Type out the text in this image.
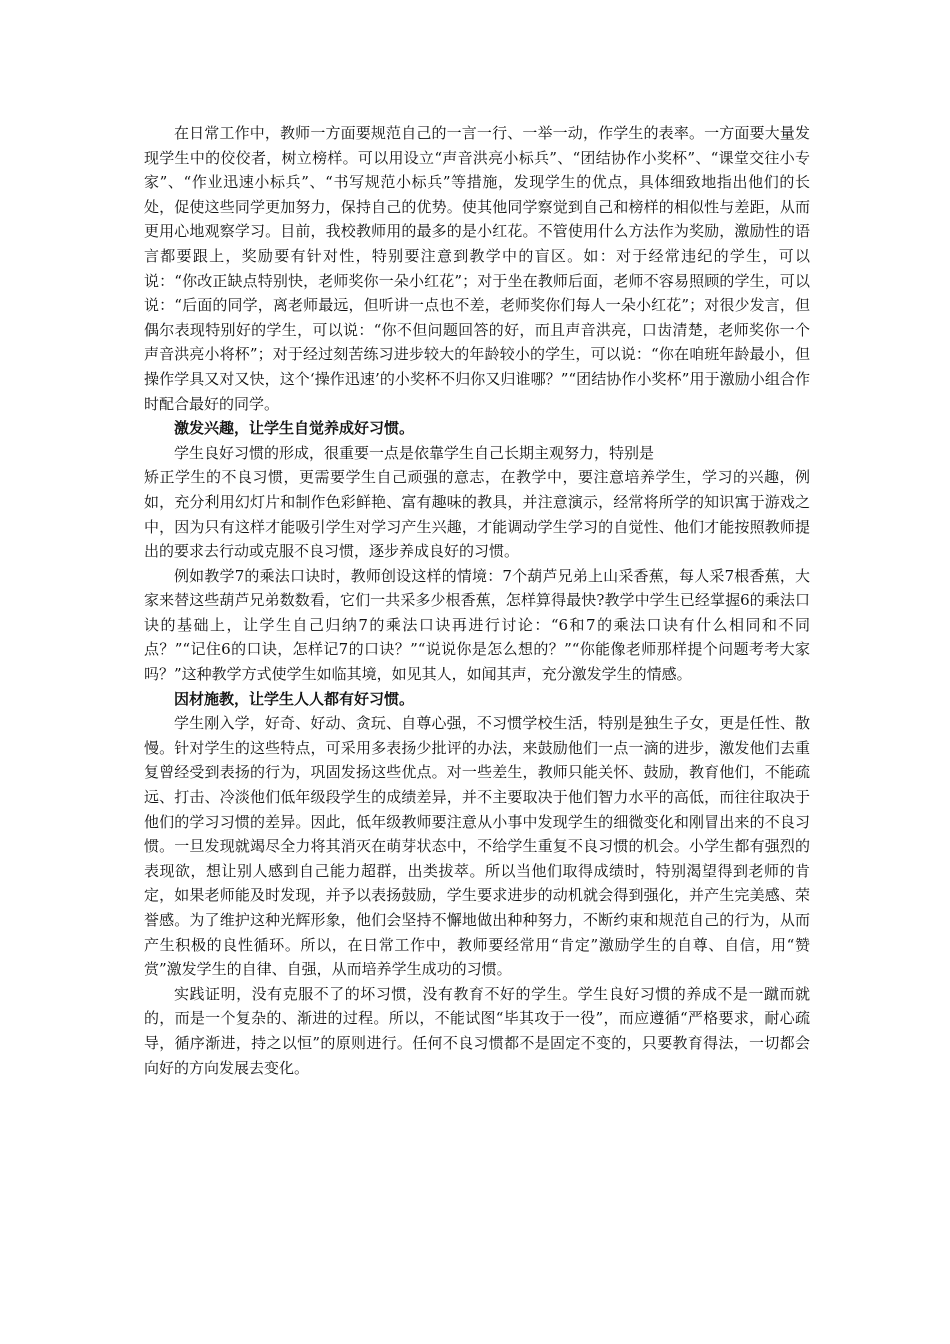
在日常工作中，教师一方面要规范自己的一言一行、一举一动，作学生的表率。一方面要大量发现学生中的佼佼者，树立榜样。可以用设立“声音洪亮小标兵”、“团结协作小奖杯”、“课堂交往小专家”、“作业迅速小标兵”、“书写规范小标兵”等措施，发现学生的优点，具体细致地指出他们的长处，促使这些同学更加努力，保持自己的优势。使其他同学察觉到自己和榜样的相似性与差距，从而更用心地观察学习。目前，我校教师用的最多的是小红花。不管使用什么方法作为奖励，激励性的语言都要跟上，奖励要有针对性，特别要注意到教学中的盲区。如：对于经常违纪的学生，可以说：“你改正缺点特别快，老师奖你一朵小红花”；对于坐在教师后面，老师不容易照顾的学生，可以说：“后面的同学，离老师最远，但听讲一点也不差，老师奖你们每人一朵小红花”；对很少发言，但偶尔表现特别好的学生，可以说：“你不但问题回答的好，而且声音洪亮，口齿清楚，老师奖你一个声音洪亮小将杯”；对于经过刻苦练习进步较大的年龄较小的学生，可以说：“你在咱班年龄最小，但操作学具又对又快，这个‘操作迅速’的小奖杯不归你又归谁哪？”“团结协作小奖杯”用于激励小组合作时配合最好的同学。

激发兴趣，让学生自觉养成好习惯。

学生良好习惯的形成，很重要一点是依靠学生自己长期主观努力，特别是

矫正学生的不良习惯，更需要学生自己顽强的意志，在教学中，要注意培养学生，学习的兴趣，例如，充分利用幻灯片和制作色彩鲜艳、富有趣味的教具，并注意演示，经常将所学的知识寓于游戏之中，因为只有这样才能吸引学生对学习产生兴趣，才能调动学生学习的自觉性、他们才能按照教师提出的要求去行动或克服不良习惯，逐步养成良好的习惯。

例如教学7的乘法口诀时，教师创设这样的情境：7个葫芦兄弟上山采香蕉，每人采7根香蕉，大家来替这些葫芦兄弟数数看，它们一共采多少根香蕉，怎样算得最快?教学中学生已经掌握6的乘法口诀的基础上，让学生自己归纳7的乘法口诀再进行讨论：“6和7的乘法口诀有什么相同和不同点？”“记住6的口诀，怎样记7的口诀？”“说说你是怎么想的？”“你能像老师那样提个问题考考大家吗？”这种教学方式使学生如临其境，如见其人，如闻其声，充分激发学生的情感。

因材施教，让学生人人都有好习惯。

学生刚入学，好奇、好动、贪玩、自尊心强，不习惯学校生活，特别是独生子女，更是任性、散慢。针对学生的这些特点，可采用多表扬少批评的办法，来鼓励他们一点一滴的进步，激发他们去重复曾经受到表扬的行为，巩固发扬这些优点。对一些差生，教师只能关怀、鼓励，教育他们，不能疏远、打击、冷淡他们低年级段学生的成绩差异，并不主要取决于他们智力水平的高低，而往往取决于他们的学习习惯的差异。因此，低年级教师要注意从小事中发现学生的细微变化和刚冒出来的不良习惯。一旦发现就竭尽全力将其消灭在萌芽状态中，不给学生重复不良习惯的机会。小学生都有强烈的表现欲，想让别人感到自己能力超群，出类拔萃。所以当他们取得成绩时，特别渴望得到老师的肯定，如果老师能及时发现，并予以表扬鼓励，学生要求进步的动机就会得到强化，并产生完美感、荣誉感。为了维护这种光辉形象，他们会坚持不懈地做出种种努力，不断约束和规范自己的行为，从而产生积极的良性循环。所以，在日常工作中，教师要经常用“肯定”激励学生的自尊、自信，用“赞赏”激发学生的自律、自强，从而培养学生成功的习惯。

实践证明，没有克服不了的坏习惯，没有教育不好的学生。学生良好习惯的养成不是一蹴而就的，而是一个复杂的、渐进的过程。所以，不能试图“毕其攻于一役”，而应遵循“严格要求，耐心疏导，循序渐进，持之以恒”的原则进行。任何不良习惯都不是固定不变的，只要教育得法，一切都会向好的方向发展去变化。
